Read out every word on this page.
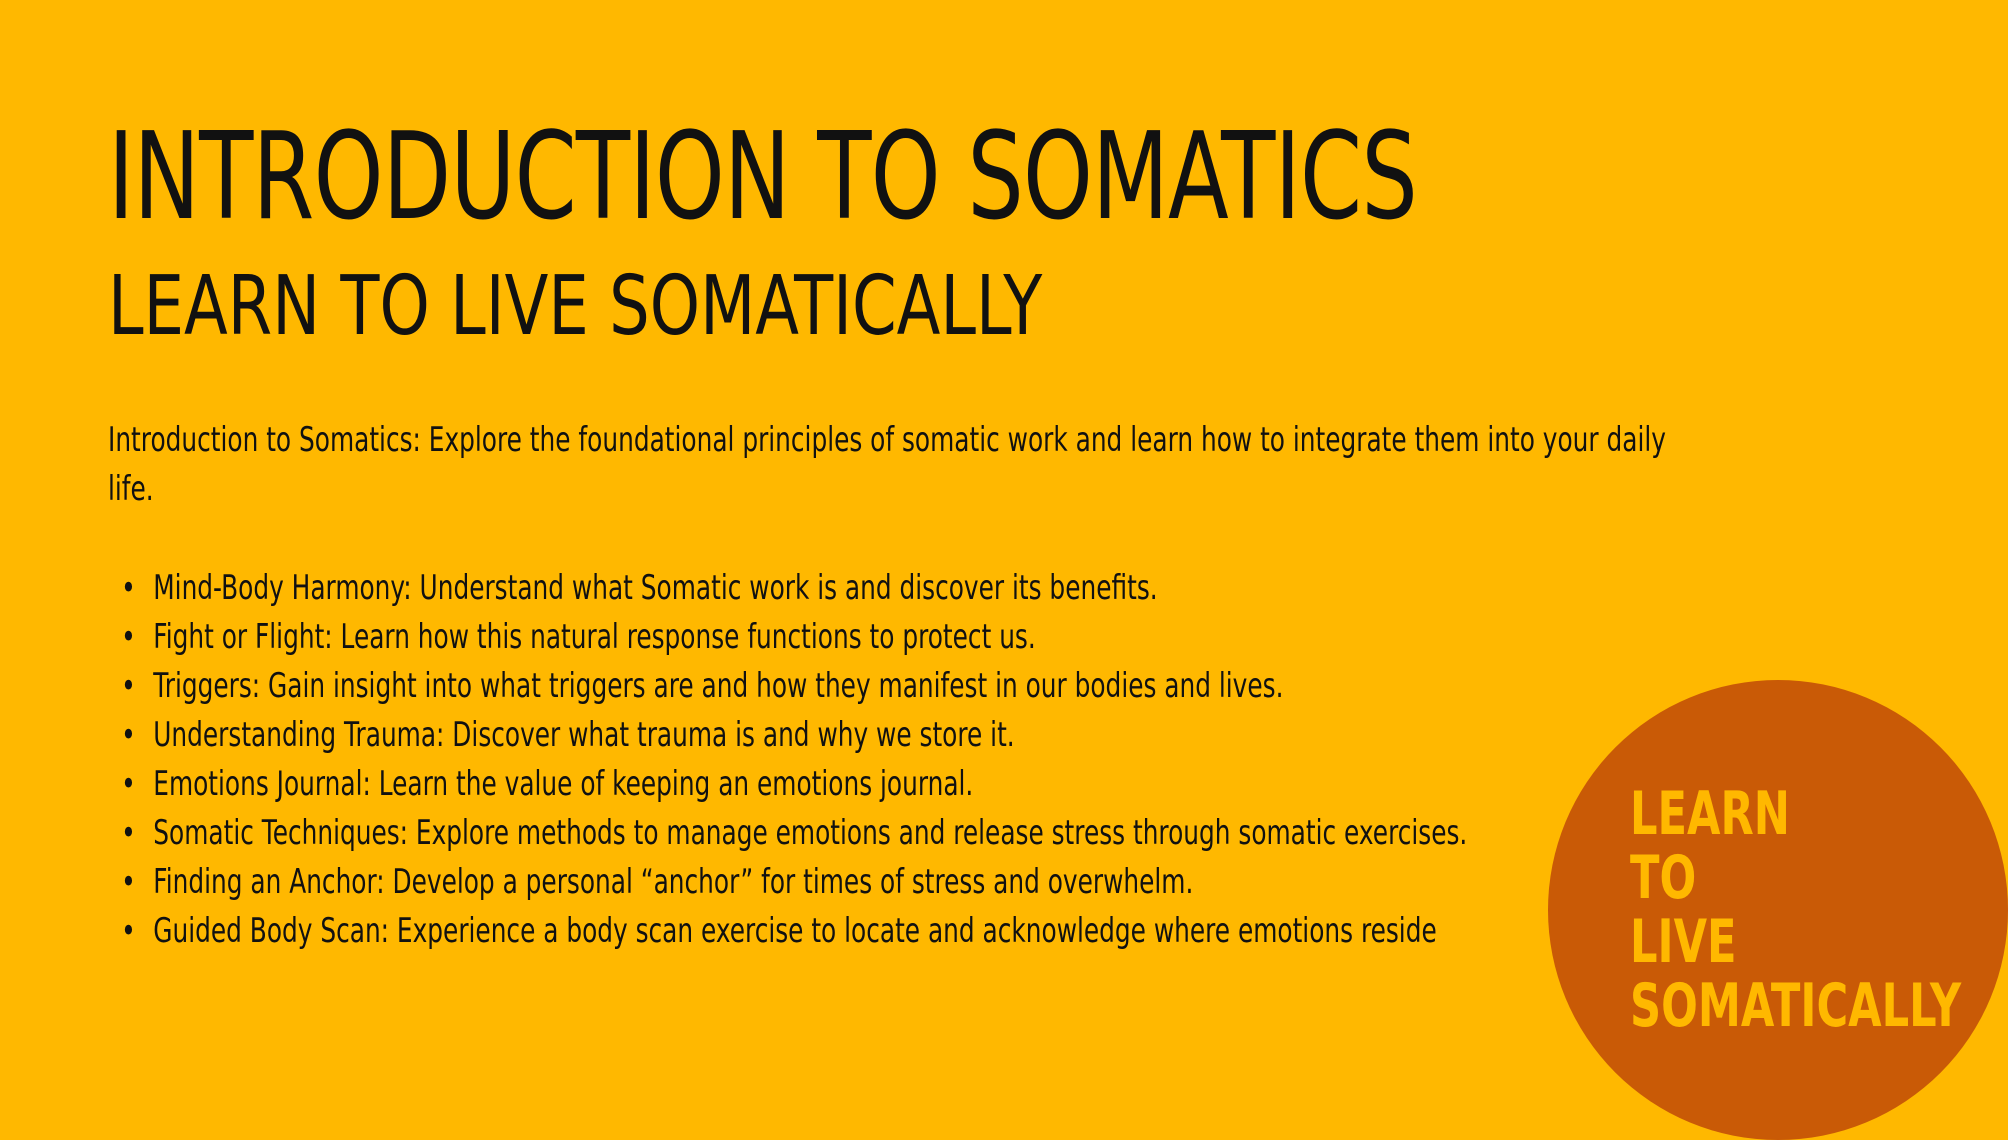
INTRODUCTION TO SOMATICS
LEARN TO LIVE SOMATICALLY

Introduction to Somatics: Explore the foundational principles of somatic work and learn how to integrate them into your daily life.

• Mind-Body Harmony: Understand what Somatic work is and discover its benefits.
• Fight or Flight: Learn how this natural response functions to protect us.
• Triggers: Gain insight into what triggers are and how they manifest in our bodies and lives.
• Understanding Trauma: Discover what trauma is and why we store it.
• Emotions Journal: Learn the value of keeping an emotions journal.
• Somatic Techniques: Explore methods to manage emotions and release stress through somatic exercises.
• Finding an Anchor: Develop a personal “anchor” for times of stress and overwhelm.
• Guided Body Scan: Experience a body scan exercise to locate and acknowledge where emotions reside
LEARN
TO
LIVE
SOMATICALLY
